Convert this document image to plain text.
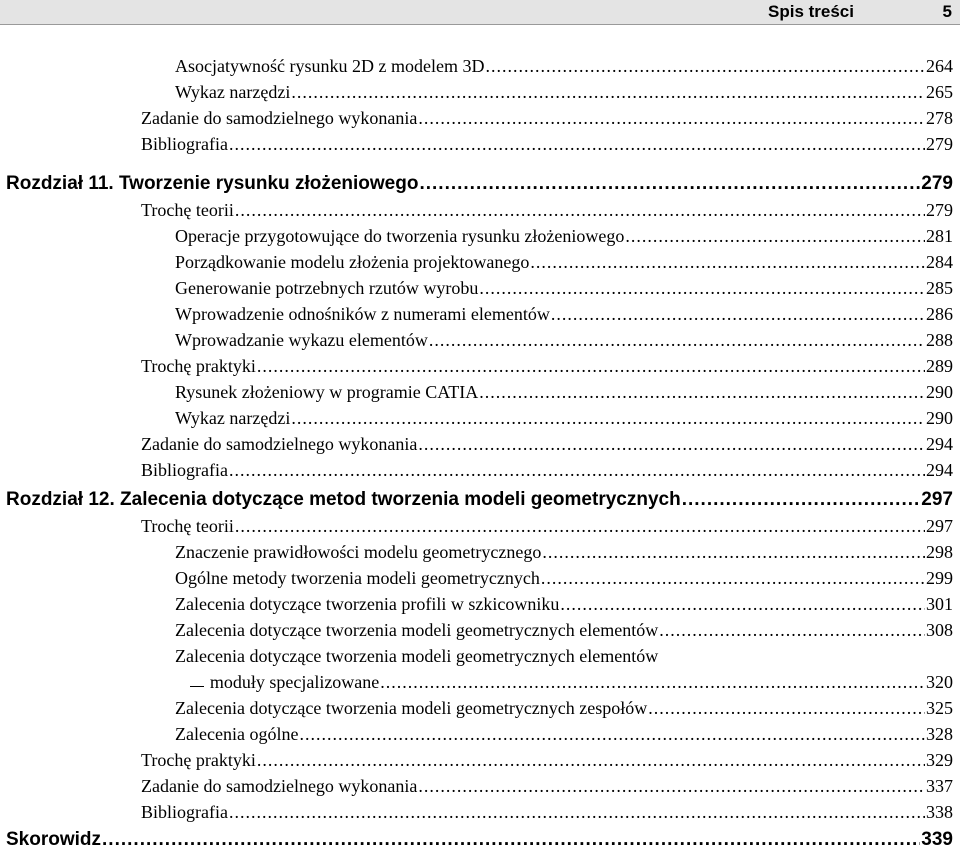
Spis treści	5
Asocjatywność rysunku 2D z modelem 3D .....	264
Wykaz narzędzi .....	265
Zadanie do samodzielnego wykonania .....	278
Bibliografia .....	279
Rozdział 11. Tworzenie rysunku złożeniowego .....	279
Trochę teorii .....	279
Operacje przygotowujące do tworzenia rysunku złożeniowego .....	281
Porządkowanie modelu złożenia projektowanego .....	284
Generowanie potrzebnych rzutów wyrobu .....	285
Wprowadzenie odnośników z numerami elementów .....	286
Wprowadzanie wykazu elementów .....	288
Trochę praktyki .....	289
Rysunek złożeniowy w programie CATIA .....	290
Wykaz narzędzi .....	290
Zadanie do samodzielnego wykonania .....	294
Bibliografia .....	294
Rozdział 12. Zalecenia dotyczące metod tworzenia modeli geometrycznych .....	297
Trochę teorii .....	297
Znaczenie prawidłowości modelu geometrycznego .....	298
Ogólne metody tworzenia modeli geometrycznych .....	299
Zalecenia dotyczące tworzenia profili w szkicowniku .....	301
Zalecenia dotyczące tworzenia modeli geometrycznych elementów .....	308
Zalecenia dotyczące tworzenia modeli geometrycznych elementów
moduły specjalizowane .....	320
Zalecenia dotyczące tworzenia modeli geometrycznych zespołów .....	325
Zalecenia ogólne .....	328
Trochę praktyki .....	329
Zadanie do samodzielnego wykonania .....	337
Bibliografia .....	338
Skorowidz .....	339
